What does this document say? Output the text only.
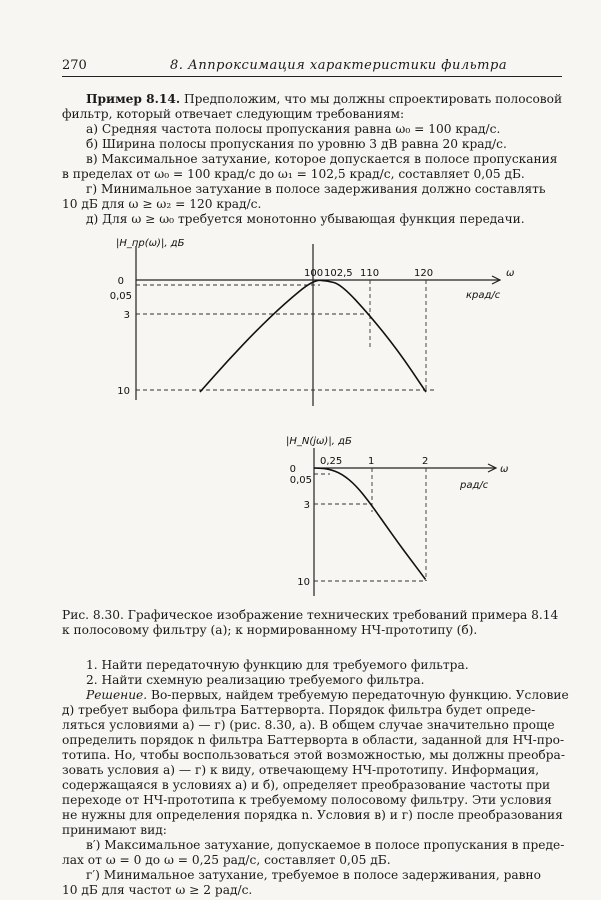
270	8. Аппроксимация характеристики фильтра
Пример 8.14. Предположим, что мы должны спроектировать полосовой
фильтр, который отвечает следующим требованиям:
а) Средняя частота полосы пропускания равна ω₀ = 100 крад/с.
б) Ширина полосы пропускания по уровню 3 дВ равна 20 крад/с.
в) Максимальное затухание, которое допускается в полосе пропускания
в пределах от ω₀ = 100 крад/с до ω₁ = 102,5 крад/с, составляет 0,05 дБ.
г) Минимальное затухание в полосе задерживания должно составлять
10 дБ для ω ≥ ω₂ = 120 крад/с.
д) Для ω ≥ ω₀ требуется монотонно убывающая функция передачи.
|H_пр(ω)|, дБ
ω
крад/с
100 102,5 110	120
0
0,05
3
10
|H_N(jω)|, дБ
ω
рад/с
0,25	1	2
0
0,05
3
10
Рис. 8.30. Графическое изображение технических требований примера 8.14
к полосовому фильтру (а); к нормированному НЧ-прототипу (б).
1. Найти передаточную функцию для требуемого фильтра.
2. Найти схемную реализацию требуемого фильтра.
Решение. Во-первых, найдем требуемую передаточную функцию. Условие
д) требует выбора фильтра Баттерворта. Порядок фильтра будет опреде-
ляться условиями а) — г) (рис. 8.30, а). В общем случае значительно проще
определить порядок n фильтра Баттерворта в области, заданной для НЧ-про-
тотипа. Но, чтобы воспользоваться этой возможностью, мы должны преобра-
зовать условия а) — г) к виду, отвечающему НЧ-прототипу. Информация,
содержащаяся в условиях а) и б), определяет преобразование частоты при
переходе от НЧ-прототипа к требуемому полосовому фильтру. Эти условия
не нужны для определения порядка n. Условия в) и г) после преобразования
принимают вид:
в′) Максимальное затухание, допускаемое в полосе пропускания в преде-
лах от ω = 0 до ω = 0,25 рад/с, составляет 0,05 дБ.
г′) Минимальное затухание, требуемое в полосе задерживания, равно
10 дБ для частот ω ≥ 2 рад/с.
